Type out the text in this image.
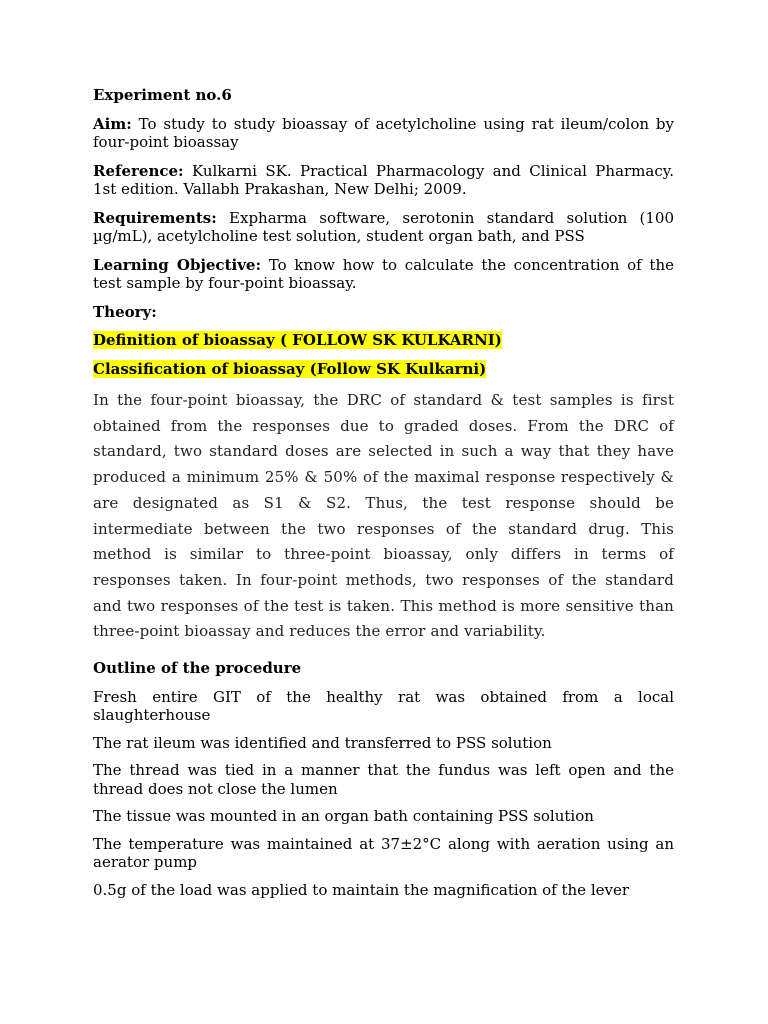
Experiment no.6

Aim: To study to study bioassay of acetylcholine using rat ileum/colon by four-point bioassay

Reference: Kulkarni SK. Practical Pharmacology and Clinical Pharmacy. 1st edition. Vallabh Prakashan, New Delhi; 2009.

Requirements: Expharma software, serotonin standard solution (100 µg/mL), acetylcholine test solution, student organ bath, and PSS

Learning Objective: To know how to calculate the concentration of the test sample by four-point bioassay.

Theory:

Definition of bioassay ( FOLLOW SK KULKARNI)

Classification of bioassay (Follow SK Kulkarni)

In the four-point bioassay, the DRC of standard & test samples is first obtained from the responses due to graded doses. From the DRC of standard, two standard doses are selected in such a way that they have produced a minimum 25% & 50% of the maximal response respectively & are designated as S1 & S2. Thus, the test response should be intermediate between the two responses of the standard drug. This method is similar to three-point bioassay, only differs in terms of responses taken. In four-point methods, two responses of the standard and two responses of the test is taken. This method is more sensitive than three-point bioassay and reduces the error and variability.

Outline of the procedure

Fresh entire GIT of the healthy rat was obtained from a local slaughterhouse

The rat ileum was identified and transferred to PSS solution

The thread was tied in a manner that the fundus was left open and the thread does not close the lumen

The tissue was mounted in an organ bath containing PSS solution

The temperature was maintained at 37±2°C along with aeration using an aerator pump

0.5g of the load was applied to maintain the magnification of the lever
